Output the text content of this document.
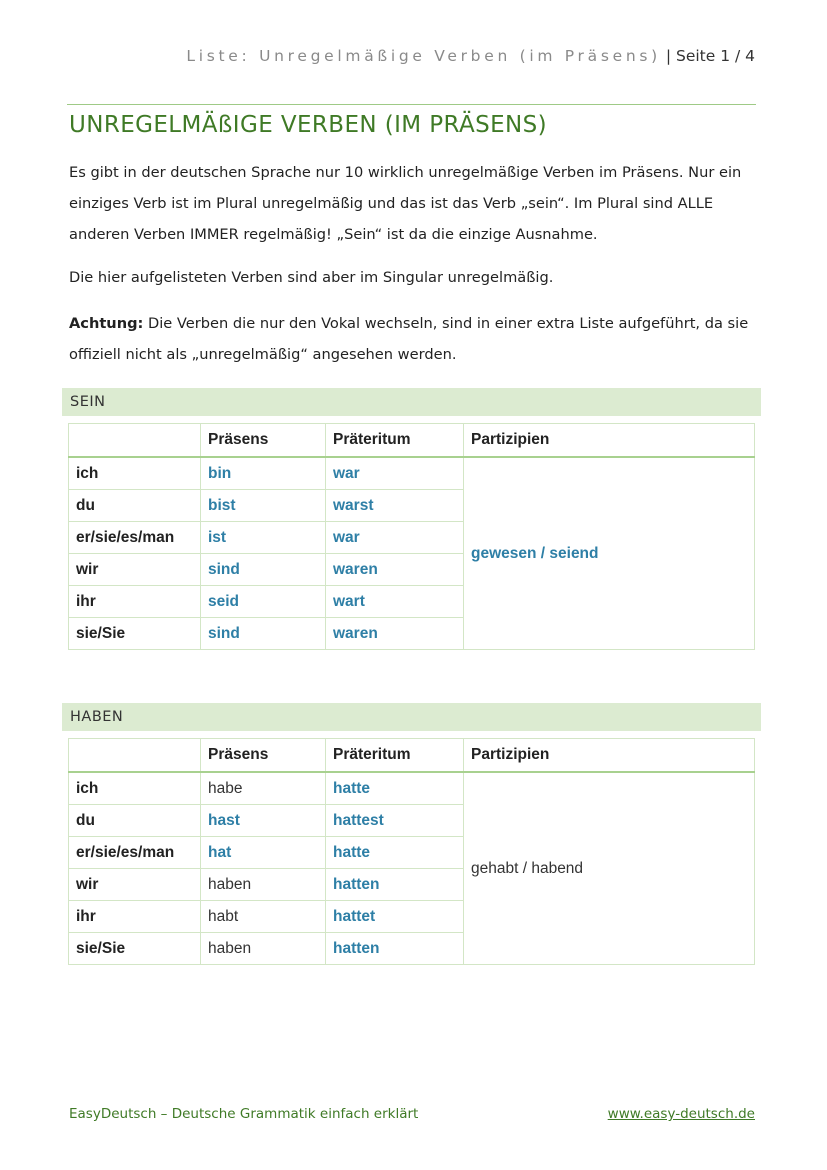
Liste: Unregelmäßige Verben (im Präsens) | Seite 1 / 4
UNREGELMÄßIGE VERBEN (IM PRÄSENS)

Es gibt in der deutschen Sprache nur 10 wirklich unregelmäßige Verben im Präsens. Nur ein einziges Verb ist im Plural unregelmäßig und das ist das Verb „sein“. Im Plural sind ALLE anderen Verben IMMER regelmäßig! „Sein“ ist da die einzige Ausnahme.

Die hier aufgelisteten Verben sind aber im Singular unregelmäßig.

Achtung: Die Verben die nur den Vokal wechseln, sind in einer extra Liste aufgeführt, da sie offiziell nicht als „unregelmäßig“ angesehen werden.

SEIN
	Präsens	Präteritum	Partizipien
ich	bin	war	gewesen / seiend
du	bist	warst	
er/sie/es/man	ist	war	
wir	sind	waren	
ihr	seid	wart	
sie/Sie	sind	waren	
HABEN
	Präsens	Präteritum	Partizipien
ich	habe	hatte	gehabt / habend
du	hast	hattest	
er/sie/es/man	hat	hatte	
wir	haben	hatten	
ihr	habt	hattet	
sie/Sie	haben	hatten	
EasyDeutsch – Deutsche Grammatik einfach erklärt	www.easy-deutsch.de
